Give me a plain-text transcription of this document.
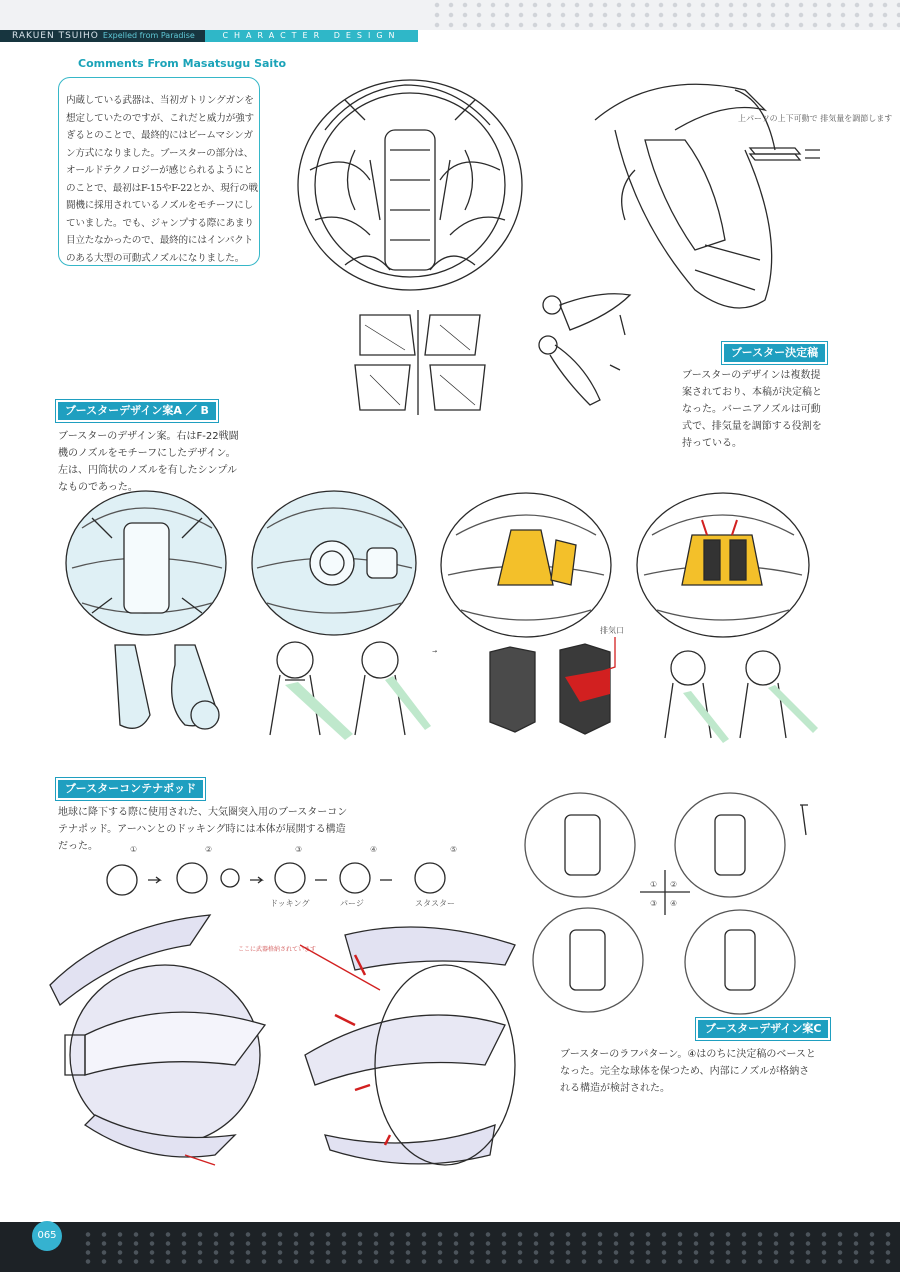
RAKUEN TSUIHO Expelled from Paradise	CHARACTER DESIGN
Comments From Masatsugu Saito
内蔵している武器は、当初ガトリングガンを想定していたのですが、これだと威力が強すぎるとのことで、最終的にはビームマシンガン方式になりました。ブースターの部分は、オールドテクノロジーが感じられるようにとのことで、最初はF-15やF-22とか、現行の戦闘機に採用されているノズルをモチーフにしていました。でも、ジャンプする際にあまり目立たなかったので、最終的にはインパクトのある大型の可動式ノズルになりました。
上パーツの上下可動で 排気量を調節します
ブースター決定稿
ブースターのデザインは複数提案されており、本稿が決定稿となった。バーニアノズルは可動式で、排気量を調節する役割を持っている。
ブースターデザイン案A ／ B
ブースターのデザイン案。右はF-22戦闘機のノズルをモチーフにしたデザイン。左は、円筒状のノズルを有したシンプルなものであった。
→
排気口
ブースターコンテナポッド
地球に降下する際に使用された、大気圏突入用のブースターコンテナポッド。アーハンとのドッキング時には本体が展開する構造だった。	①	②	③	④	⑤
ドッキング	パージ	スタスター
ここに武器格納されています
① ②
③ ④
ブースターデザイン案C
ブースターのラフパターン。④はのちに決定稿のベースとなった。完全な球体を保つため、内部にノズルが格納される構造が検討された。
065
